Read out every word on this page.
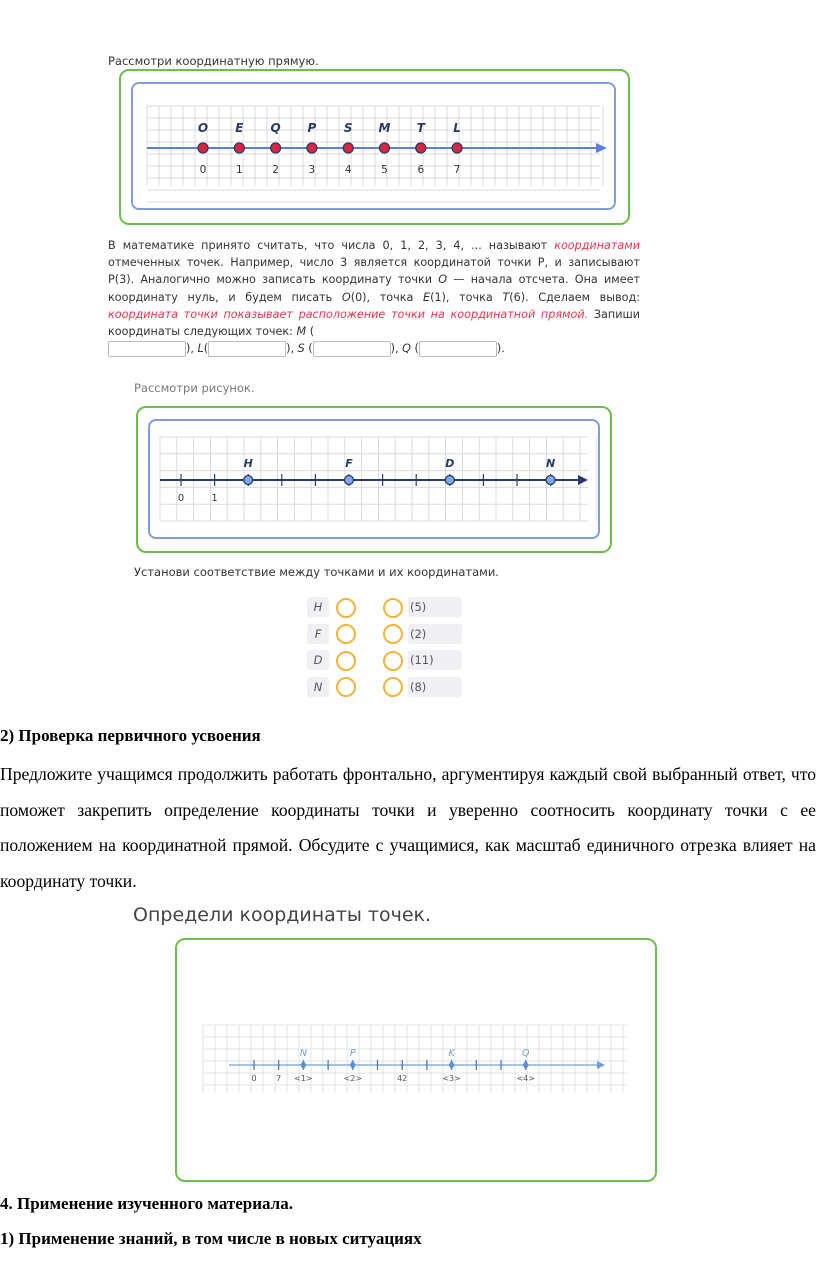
Рассмотри координатную прямую.
O
0
E
1
Q
2
P
3
S
4
M
5
T
6
L
7
В математике принято считать, что числа 0, 1, 2, 3, 4, ... называют координатами отмеченных точек. Например, число 3 является координатой точки P, и записывают P(3). Аналогично можно записать координату точки O — начала отсчета. Она имеет координату нуль, и будем писать O(0), точка E(1), точка T(6). Сделаем вывод: координата точки показывает расположение точки на координатной прямой. Запиши координаты следующих точек: M (
), L(	), S (	), Q (	).
Рассмотри рисунок.
0	1
H	F	D	N
Установи соответствие между точками и их координатами.
H	(5)
F	(2)
D	(11)
N	(8)
2) Проверка первичного усвоения
Предложите учащимся продолжить работать фронтально, аргументируя каждый свой выбранный ответ, что поможет закрепить определение координаты точки и уверенно соотносить координату точки с ее положением на координатной прямой. Обсудите с учащимися, как масштаб единичного отрезка влияет на координату точки.
Определи координаты точек.
0 7 <1>	<2>	42	<3>	<4>
N	P	K	Q
4. Применение изученного материала.
1) Применение знаний, в том числе в новых ситуациях
